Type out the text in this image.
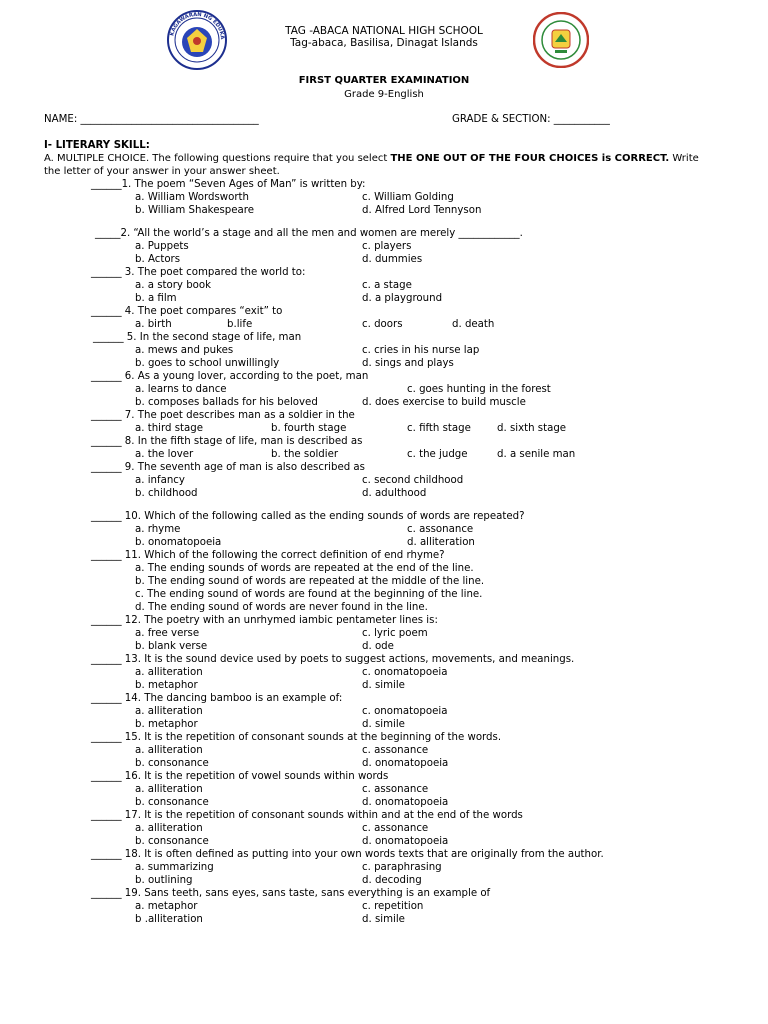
KAGAWARAN NG EDUKA
TAG -ABACA NATIONAL HIGH SCHOOL
Tag-abaca, Basilisa, Dinagat Islands
FIRST QUARTER EXAMINATION
Grade 9-English
NAME: ___________________________________	GRADE & SECTION: ___________
I- LITERARY SKILL:
A. MULTIPLE CHOICE. The following questions require that you select THE ONE OUT OF THE FOUR CHOICES is CORRECT. Write
the letter of your answer in your answer sheet.
______1. The poem “Seven Ages of Man” is written by:
a. William Wordsworth	c. William Golding
b. William Shakespeare	d. Alfred Lord Tennyson
_____2. “All the world’s a stage and all the men and women are merely ____________.
a. Puppets	c. players
b. Actors	d. dummies
______ 3. The poet compared the world to:
a. a story book	c. a stage
b. a film	d. a playground
______ 4. The poet compares “exit” to
a. birth	b.life	c. doors	d. death
______ 5. In the second stage of life, man
a. mews and pukes	c. cries in his nurse lap
b. goes to school unwillingly	d. sings and plays
______ 6. As a young lover, according to the poet, man
a. learns to dance	c. goes hunting in the forest
b. composes ballads for his beloved	d. does exercise to build muscle
______ 7. The poet describes man as a soldier in the
a. third stage	b. fourth stage	c. fifth stage	d. sixth stage
______ 8. In the fifth stage of life, man is described as
a. the lover	b. the soldier	c. the judge	d. a senile man
______ 9. The seventh age of man is also described as
a. infancy	c. second childhood
b. childhood	d. adulthood
______ 10. Which of the following called as the ending sounds of words are repeated?
a. rhyme	c. assonance
b. onomatopoeia	d. alliteration
______ 11. Which of the following the correct definition of end rhyme?
a. The ending sounds of words are repeated at the end of the line.
b. The ending sound of words are repeated at the middle of the line.
c. The ending sound of words are found at the beginning of the line.
d. The ending sound of words are never found in the line.
______ 12. The poetry with an unrhymed iambic pentameter lines is:
a. free verse	c. lyric poem
b. blank verse	d. ode
______ 13. It is the sound device used by poets to suggest actions, movements, and meanings.
a. alliteration	c. onomatopoeia
b. metaphor	d. simile
______ 14. The dancing bamboo is an example of:
a. alliteration	c. onomatopoeia
b. metaphor	d. simile
______ 15. It is the repetition of consonant sounds at the beginning of the words.
a. alliteration	c. assonance
b. consonance	d. onomatopoeia
______ 16. It is the repetition of vowel sounds within words
a. alliteration	c. assonance
b. consonance	d. onomatopoeia
______ 17. It is the repetition of consonant sounds within and at the end of the words
a. alliteration	c. assonance
b. consonance	d. onomatopoeia
______ 18. It is often defined as putting into your own words texts that are originally from the author.
a. summarizing	c. paraphrasing
b. outlining	d. decoding
______ 19. Sans teeth, sans eyes, sans taste, sans everything is an example of
a. metaphor	c. repetition
b .alliteration	d. simile
